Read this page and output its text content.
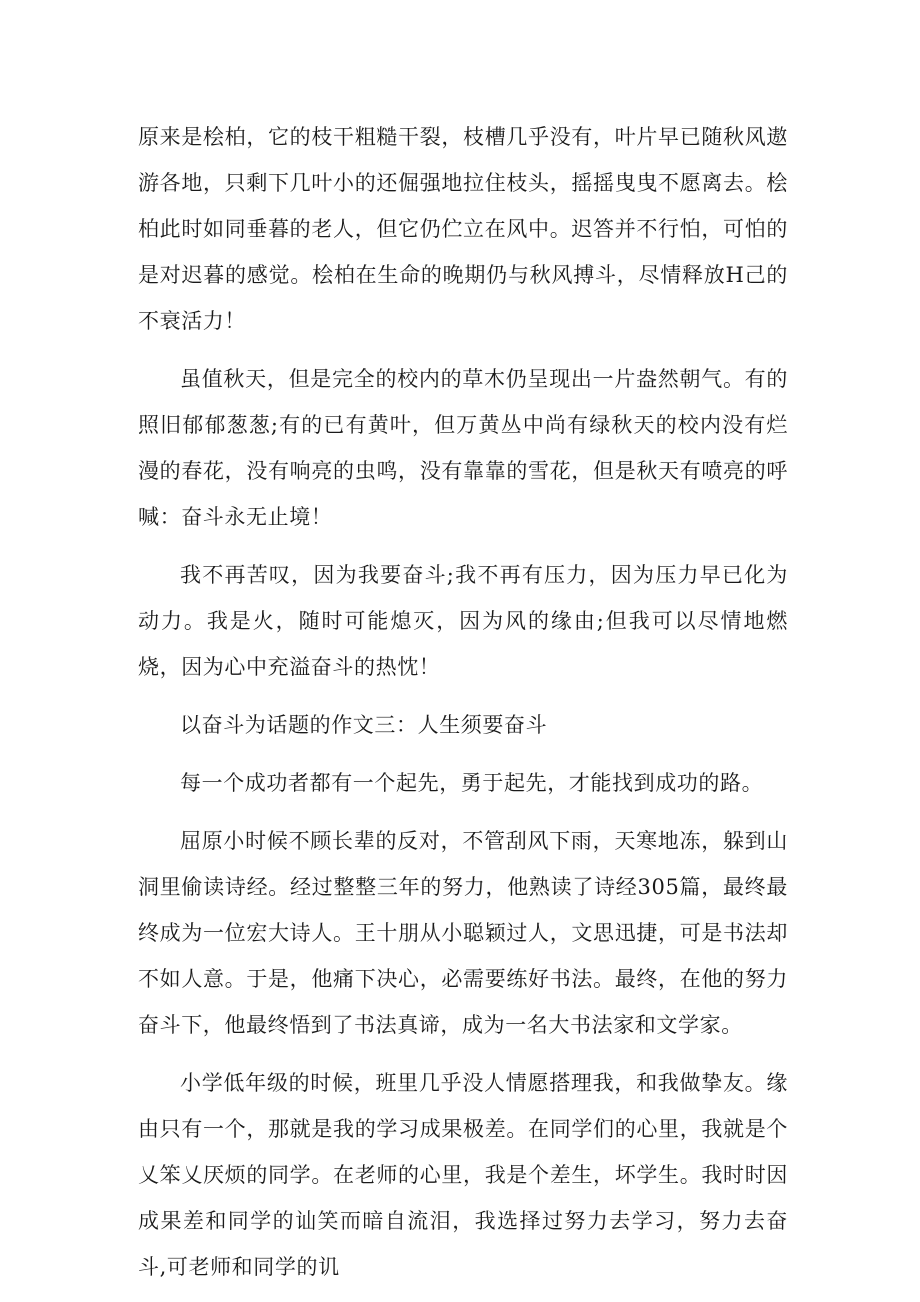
原来是桧柏，它的枝干粗糙干裂，枝槽几乎没有，叶片早已随秋风遨游各地，只剩下几叶小的还倔强地拉住枝头，摇摇曳曳不愿离去。桧柏此时如同垂暮的老人，但它仍伫立在风中。迟答并不行怕，可怕的是对迟暮的感觉。桧柏在生命的晚期仍与秋风搏斗，尽情释放H己的不衰活力！

虽值秋天，但是完全的校内的草木仍呈现出一片盎然朝气。有的照旧郁郁葱葱;有的已有黄叶，但万黄丛中尚有绿秋天的校内没有烂漫的春花，没有响亮的虫鸣，没有靠靠的雪花，但是秋天有喷亮的呼喊：奋斗永无止境！

我不再苦叹，因为我要奋斗;我不再有压力，因为压力早已化为动力。我是火，随时可能熄灭，因为风的缘由;但我可以尽情地燃烧，因为心中充溢奋斗的热忱！

以奋斗为话题的作文三：人生须要奋斗

每一个成功者都有一个起先，勇于起先，才能找到成功的路。

屈原小时候不顾长辈的反对，不管刮风下雨，天寒地冻，躲到山洞里偷读诗经。经过整整三年的努力，他熟读了诗经305篇，最终最终成为一位宏大诗人。王十朋从小聪颖过人，文思迅捷，可是书法却不如人意。于是，他痛下决心，必需要练好书法。最终，在他的努力奋斗下，他最终悟到了书法真谛，成为一名大书法家和文学家。

小学低年级的时候，班里几乎没人情愿搭理我，和我做挚友。缘由只有一个，那就是我的学习成果极差。在同学们的心里，我就是个乂笨乂厌烦的同学。在老师的心里，我是个差生，坏学生。我时时因成果差和同学的讪笑而暗自流泪，我选择过努力去学习，努力去奋斗,可老师和同学的讥
